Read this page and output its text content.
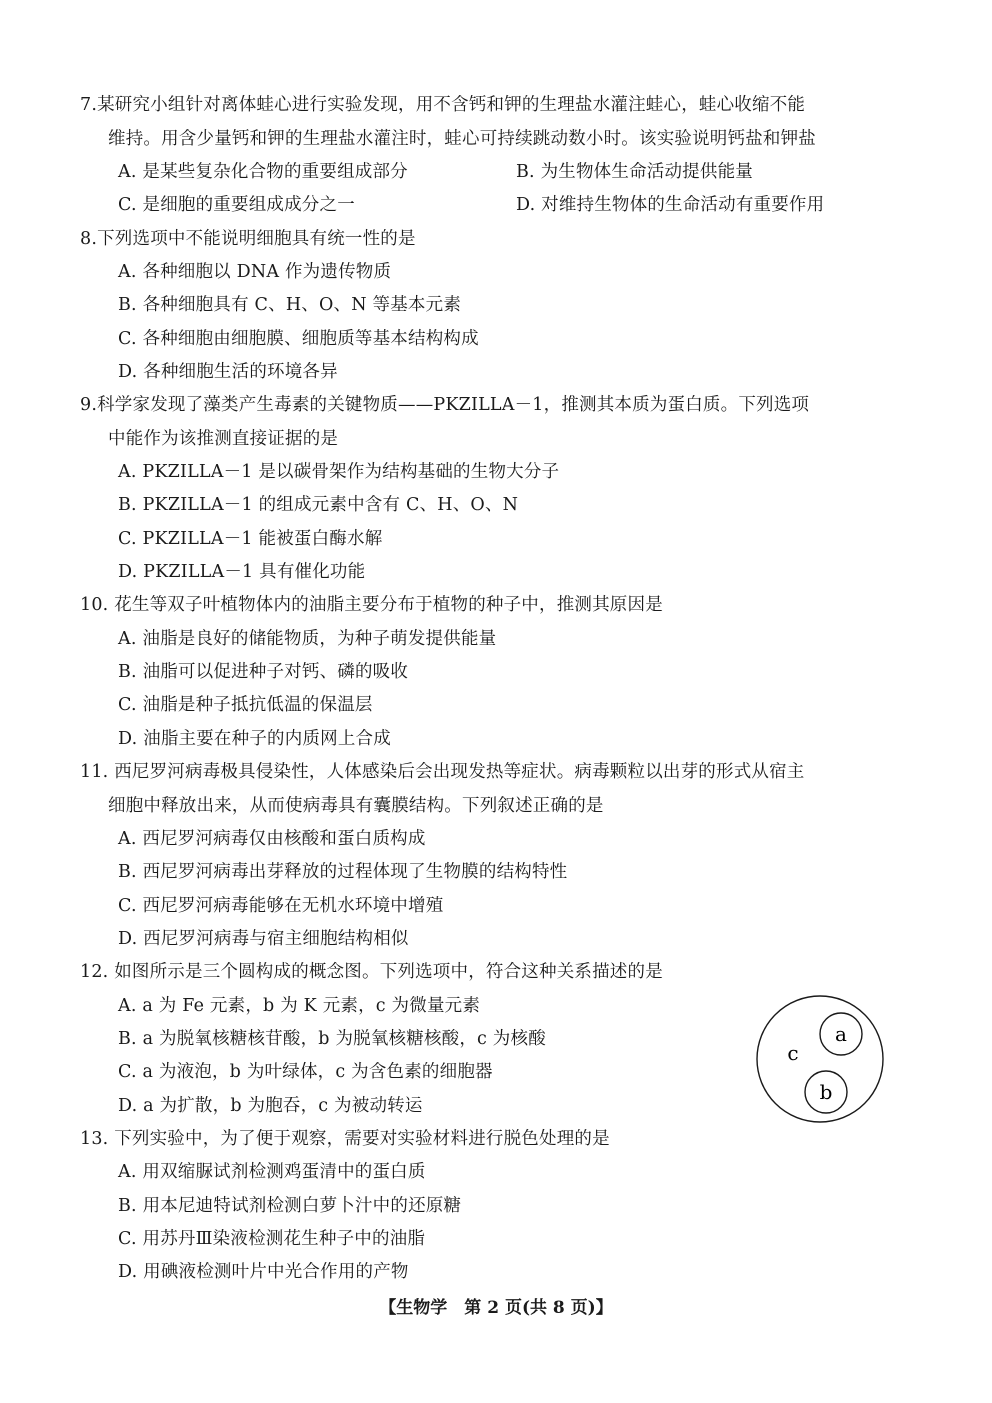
7.某研究小组针对离体蛙心进行实验发现，用不含钙和钾的生理盐水灌注蛙心，蛙心收缩不能
维持。用含少量钙和钾的生理盐水灌注时，蛙心可持续跳动数小时。该实验说明钙盐和钾盐
A. 是某些复杂化合物的重要组成部分	B. 为生物体生命活动提供能量
C. 是细胞的重要组成成分之一	D. 对维持生物体的生命活动有重要作用
8.下列选项中不能说明细胞具有统一性的是
A. 各种细胞以 DNA 作为遗传物质
B. 各种细胞具有 C、H、O、N 等基本元素
C. 各种细胞由细胞膜、细胞质等基本结构构成
D. 各种细胞生活的环境各异
9.科学家发现了藻类产生毒素的关键物质——PKZILLA－1，推测其本质为蛋白质。下列选项
中能作为该推测直接证据的是
A. PKZILLA－1 是以碳骨架作为结构基础的生物大分子
B. PKZILLA－1 的组成元素中含有 C、H、O、N
C. PKZILLA－1 能被蛋白酶水解
D. PKZILLA－1 具有催化功能
10. 花生等双子叶植物体内的油脂主要分布于植物的种子中，推测其原因是
A. 油脂是良好的储能物质，为种子萌发提供能量
B. 油脂可以促进种子对钙、磷的吸收
C. 油脂是种子抵抗低温的保温层
D. 油脂主要在种子的内质网上合成
11. 西尼罗河病毒极具侵染性，人体感染后会出现发热等症状。病毒颗粒以出芽的形式从宿主
细胞中释放出来，从而使病毒具有囊膜结构。下列叙述正确的是
A. 西尼罗河病毒仅由核酸和蛋白质构成
B. 西尼罗河病毒出芽释放的过程体现了生物膜的结构特性
C. 西尼罗河病毒能够在无机水环境中增殖
D. 西尼罗河病毒与宿主细胞结构相似
12. 如图所示是三个圆构成的概念图。下列选项中，符合这种关系描述的是
A. a 为 Fe 元素，b 为 K 元素，c 为微量元素
B. a 为脱氧核糖核苷酸，b 为脱氧核糖核酸，c 为核酸
C. a 为液泡，b 为叶绿体，c 为含色素的细胞器
D. a 为扩散，b 为胞吞，c 为被动转运
a
b
c
13. 下列实验中，为了便于观察，需要对实验材料进行脱色处理的是
A. 用双缩脲试剂检测鸡蛋清中的蛋白质
B. 用本尼迪特试剂检测白萝卜汁中的还原糖
C. 用苏丹Ⅲ染液检测花生种子中的油脂
D. 用碘液检测叶片中光合作用的产物
【生物学　第 2 页(共 8 页)】
